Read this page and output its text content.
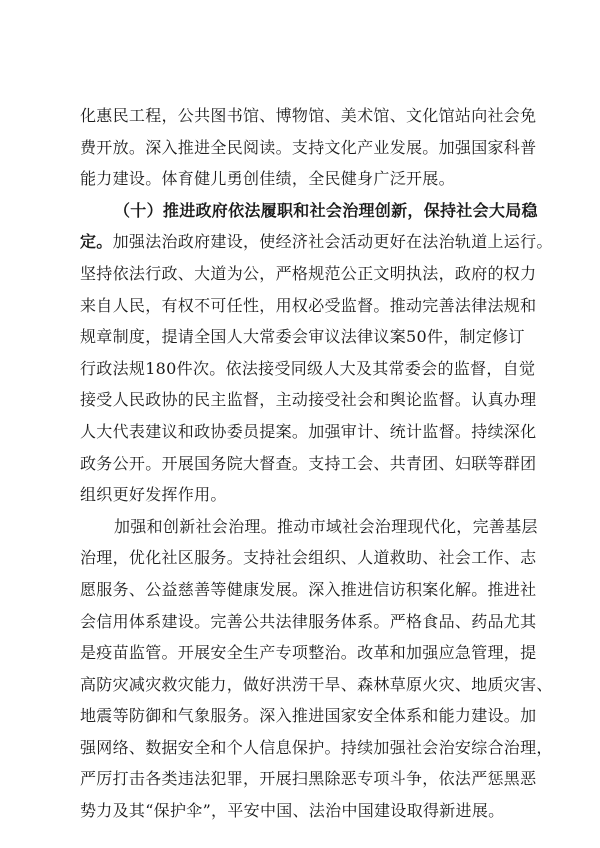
化惠民工程，公共图书馆、博物馆、美术馆、文化馆站向社会免
费开放。深入推进全民阅读。支持文化产业发展。加强国家科普
能力建设。体育健儿勇创佳绩，全民健身广泛开展。
（十）推进政府依法履职和社会治理创新，保持社会大局稳
定。加强法治政府建设，使经济社会活动更好在法治轨道上运行。
坚持依法行政、大道为公，严格规范公正文明执法，政府的权力
来自人民，有权不可任性，用权必受监督。推动完善法律法规和
规章制度，提请全国人大常委会审议法律议案50件，制定修订
行政法规180件次。依法接受同级人大及其常委会的监督，自觉
接受人民政协的民主监督，主动接受社会和舆论监督。认真办理
人大代表建议和政协委员提案。加强审计、统计监督。持续深化
政务公开。开展国务院大督查。支持工会、共青团、妇联等群团
组织更好发挥作用。
加强和创新社会治理。推动市域社会治理现代化，完善基层
治理，优化社区服务。支持社会组织、人道救助、社会工作、志
愿服务、公益慈善等健康发展。深入推进信访积案化解。推进社
会信用体系建设。完善公共法律服务体系。严格食品、药品尤其
是疫苗监管。开展安全生产专项整治。改革和加强应急管理，提
高防灾减灾救灾能力，做好洪涝干旱、森林草原火灾、地质灾害、
地震等防御和气象服务。深入推进国家安全体系和能力建设。加
强网络、数据安全和个人信息保护。持续加强社会治安综合治理，
严厉打击各类违法犯罪，开展扫黑除恶专项斗争，依法严惩黑恶
势力及其“保护伞”，平安中国、法治中国建设取得新进展。
